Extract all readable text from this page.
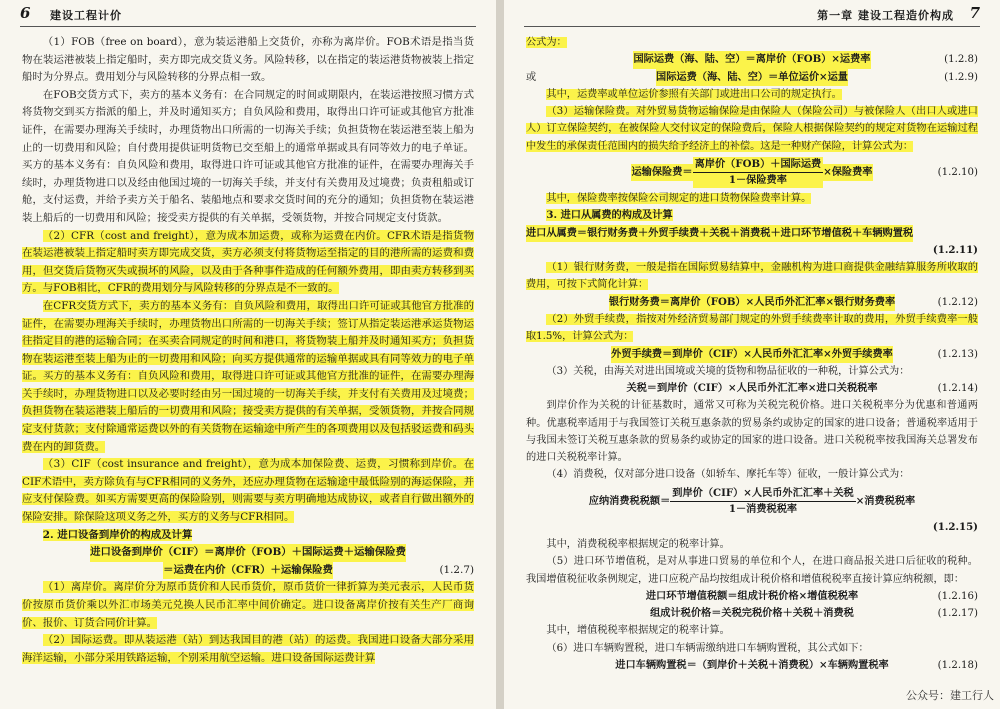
6 建设工程计价

（1）FOB（free on board），意为装运港船上交货价，亦称为离岸价。FOB术语是指当货物在装运港被装上指定船时，卖方即完成交货义务。风险转移，以在指定的装运港货物被装上指定船时为分界点。费用划分与风险转移的分界点相一致。

在FOB交货方式下，卖方的基本义务有：在合同规定的时间或期限内，在装运港按照习惯方式将货物交到买方指派的船上，并及时通知买方；自负风险和费用，取得出口许可证或其他官方批准证件，在需要办理海关手续时，办理货物出口所需的一切海关手续；负担货物在装运港至装上船为止的一切费用和风险；自付费用提供证明货物已交至船上的通常单据或具有同等效力的电子单证。买方的基本义务有：自负风险和费用，取得进口许可证或其他官方批准的证件，在需要办理海关手续时，办理货物进口以及经由他国过境的一切海关手续，并支付有关费用及过境费；负责租船或订舱，支付运费，并给予卖方关于船名、装船地点和要求交货时间的充分的通知；负担货物在装运港装上船后的一切费用和风险；接受卖方提供的有关单据，受领货物，并按合同规定支付货款。

（2）CFR（cost and freight），意为成本加运费，或称为运费在内价。CFR术语是指货物在装运港被装上指定船时卖方即完成交货，卖方必须支付将货物运至指定的目的港所需的运费和费用，但交货后货物灭失或损坏的风险，以及由于各种事件造成的任何额外费用，即由卖方转移到买方。与FOB相比，CFR的费用划分与风险转移的分界点是不一致的。

在CFR交货方式下，卖方的基本义务有：自负风险和费用，取得出口许可证或其他官方批准的证件，在需要办理海关手续时，办理货物出口所需的一切海关手续；签订从指定装运港承运货物运往指定目的港的运输合同；在买卖合同规定的时间和港口，将货物装上船并及时通知买方；负担货物在装运港至装上船为止的一切费用和风险；向买方提供通常的运输单据或具有同等效力的电子单证。买方的基本义务有：自负风险和费用，取得进口许可证或其他官方批准的证件，在需要办理海关手续时，办理货物进口以及必要时经由另一国过境的一切海关手续，并支付有关费用及过境费；负担货物在装运港装上船后的一切费用和风险；接受卖方提供的有关单据，受领货物，并按合同规定支付货款；支付除通常运费以外的有关货物在运输途中所产生的各项费用以及包括驳运费和码头费在内的卸货费。

（3）CIF（cost insurance and freight），意为成本加保险费、运费，习惯称到岸价。在CIF术语中，卖方除负有与CFR相同的义务外，还应办理货物在运输途中最低险别的海运保险，并应支付保险费。如买方需要更高的保险险别，则需要与卖方明确地达成协议，或者自行做出额外的保险安排。除保险这项义务之外，买方的义务与CFR相同。

2. 进口设备到岸价的构成及计算

进口设备到岸价（CIF）＝离岸价（FOB）＋国际运费＋运输保险费

＝运费在内价（CFR）＋运输保险费	(1.2.7)

（1）离岸价。离岸价分为原币货价和人民币货价，原币货价一律折算为美元表示，人民币货价按原币货价乘以外汇市场美元兑换人民币汇率中间价确定。进口设备离岸价按有关生产厂商询价、报价、订货合同价计算。

（2）国际运费。即从装运港（站）到达我国目的港（站）的运费。我国进口设备大部分采用海洋运输，小部分采用铁路运输，个别采用航空运输。进口设备国际运费计算

第一章 建设工程造价构成 7

公式为：

国际运费（海、陆、空）＝离岸价（FOB）×运费率	(1.2.8)

或	国际运费（海、陆、空）＝单位运价×运量	(1.2.9)

其中，运费率或单位运价参照有关部门或进出口公司的规定执行。

（3）运输保险费。对外贸易货物运输保险是由保险人（保险公司）与被保险人（出口人或进口人）订立保险契约，在被保险人交付议定的保险费后，保险人根据保险契约的规定对货物在运输过程中发生的承保责任范围内的损失给予经济上的补偿。这是一种财产保险，计算公式为：

运输保险费＝ $\frac{\text{离岸价（FOB）＋国际运费}}{\text{1－保险费率}}$ ×保险费率	(1.2.10)

其中，保险费率按保险公司规定的进口货物保险费率计算。

3. 进口从属费的构成及计算

进口从属费＝银行财务费＋外贸手续费＋关税＋消费税＋进口环节增值税＋车辆购置税

(1.2.11)

（1）银行财务费，一般是指在国际贸易结算中，金融机构为进口商提供金融结算服务所收取的费用，可按下式简化计算：

银行财务费＝离岸价（FOB）×人民币外汇汇率×银行财务费率	(1.2.12)

（2）外贸手续费，指按对外经济贸易部门规定的外贸手续费率计取的费用，外贸手续费率一般取1.5%，计算公式为：

外贸手续费＝到岸价（CIF）×人民币外汇汇率×外贸手续费率	(1.2.13)

（3）关税，由海关对进出国境或关境的货物和物品征收的一种税，计算公式为：

关税＝到岸价（CIF）×人民币外汇汇率×进口关税税率	(1.2.14)

到岸价作为关税的计征基数时，通常又可称为关税完税价格。进口关税税率分为优惠和普通两种。优惠税率适用于与我国签订关税互惠条款的贸易条约或协定的国家的进口设备；普通税率适用于与我国未签订关税互惠条款的贸易条约或协定的国家的进口设备。进口关税税率按我国海关总署发布的进口关税税率计算。

（4）消费税，仅对部分进口设备（如轿车、摩托车等）征收，一般计算公式为：

应纳消费税税额＝ $\frac{\text{到岸价（CIF）×人民币外汇汇率＋关税}}{\text{1－消费税税率}}$ ×消费税税率

(1.2.15)

其中，消费税税率根据规定的税率计算。

（5）进口环节增值税，是对从事进口贸易的单位和个人，在进口商品报关进口后征收的税种。我国增值税征收条例规定，进口应税产品均按组成计税价格和增值税税率直接计算应纳税额，即：

进口环节增值税额＝组成计税价格×增值税税率	(1.2.16)

组成计税价格＝关税完税价格＋关税＋消费税	(1.2.17)

其中，增值税税率根据规定的税率计算。

（6）进口车辆购置税，进口车辆需缴纳进口车辆购置税，其公式如下：

进口车辆购置税＝（到岸价＋关税＋消费税）×车辆购置税率	(1.2.18)

公众号：建工行人
